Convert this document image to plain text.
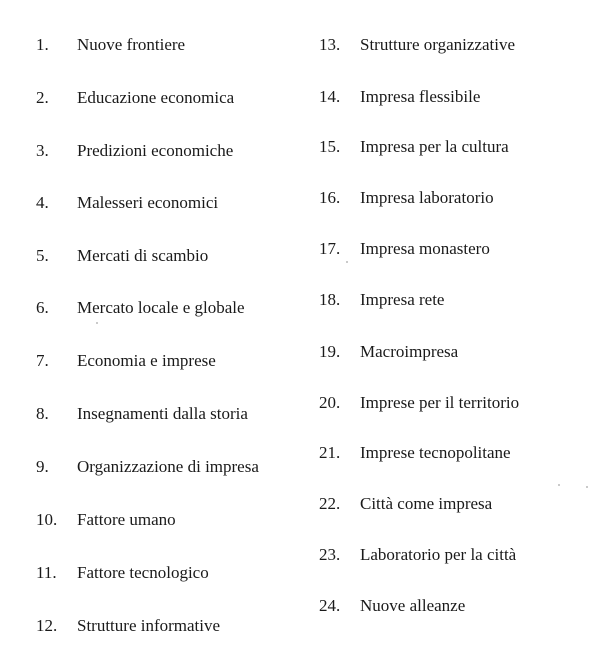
1. Nuove frontiere
2. Educazione economica
3. Predizioni economiche
4. Malesseri economici
5. Mercati di scambio
6. Mercato locale e globale
7. Economia e imprese
8. Insegnamenti dalla storia
9. Organizzazione di impresa
10. Fattore umano
11. Fattore tecnologico
12. Strutture informative
13. Strutture organizzative
14. Impresa flessibile
15. Impresa per la cultura
16. Impresa laboratorio
17. Impresa monastero
18. Impresa rete
19. Macroimpresa
20. Imprese per il territorio
21. Imprese tecnopolitane
22. Città come impresa
23. Laboratorio per la città
24. Nuove alleanze
